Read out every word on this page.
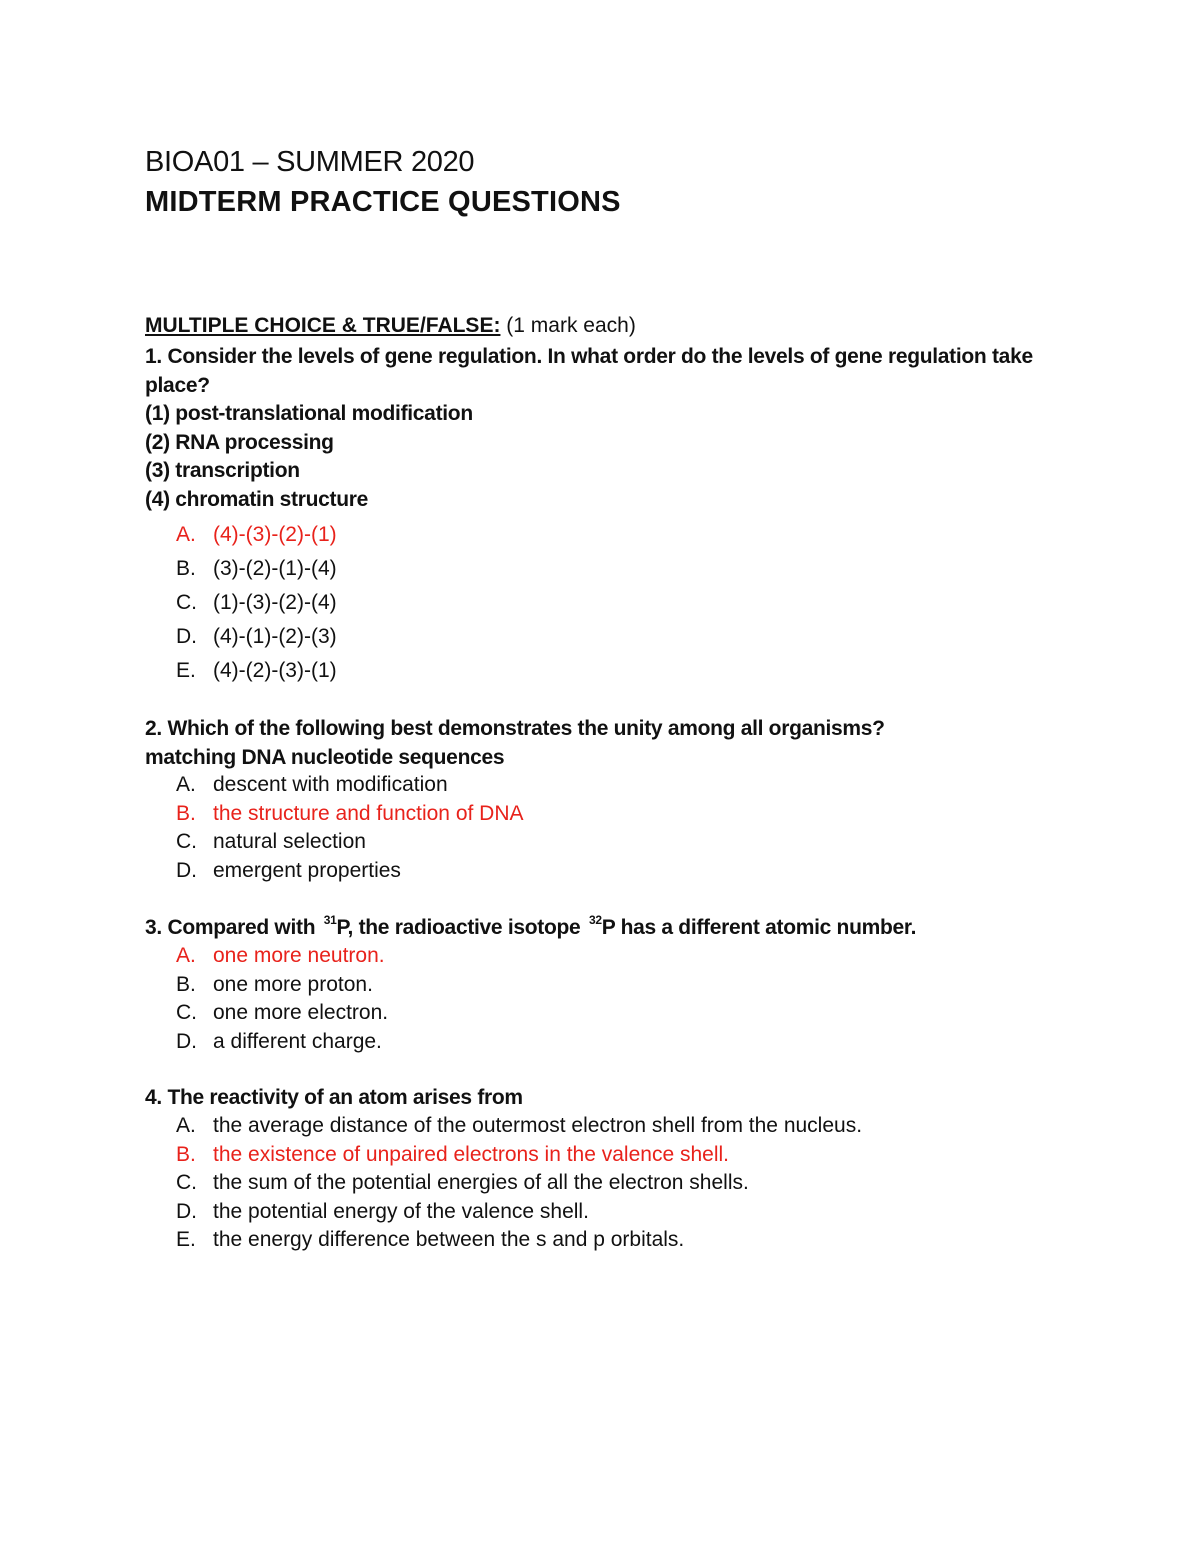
BIOA01 – SUMMER 2020
MIDTERM PRACTICE QUESTIONS
MULTIPLE CHOICE & TRUE/FALSE: (1 mark each)
1. Consider the levels of gene regulation. In what order do the levels of gene regulation take place?
(1) post-translational modification
(2) RNA processing
(3) transcription
(4) chromatin structure
A. (4)-(3)-(2)-(1)
B. (3)-(2)-(1)-(4)
C. (1)-(3)-(2)-(4)
D. (4)-(1)-(2)-(3)
E. (4)-(2)-(3)-(1)
2. Which of the following best demonstrates the unity among all organisms?
matching DNA nucleotide sequences
A. descent with modification
B. the structure and function of DNA
C. natural selection
D. emergent properties
3. Compared with $^{31}$P, the radioactive isotope $^{32}$P has a different atomic number.
A. one more neutron.
B. one more proton.
C. one more electron.
D. a different charge.
4. The reactivity of an atom arises from
A. the average distance of the outermost electron shell from the nucleus.
B. the existence of unpaired electrons in the valence shell.
C. the sum of the potential energies of all the electron shells.
D. the potential energy of the valence shell.
E. the energy difference between the s and p orbitals.
